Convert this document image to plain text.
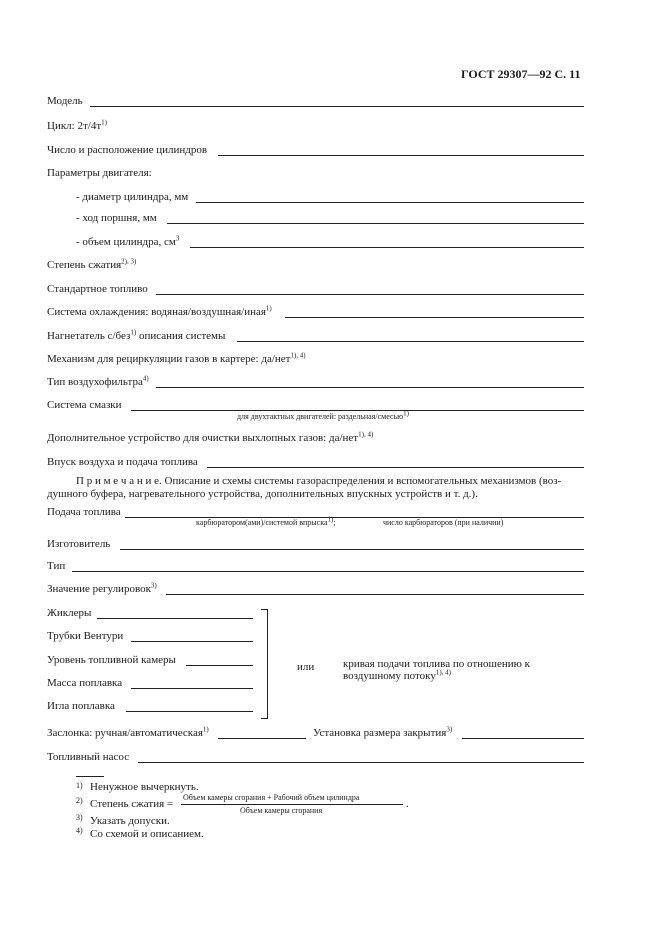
ГОСТ 29307—92 С. 11
Модель
Цикл: $2т/4т^{1)}$
Число и расположение цилиндров
Параметры двигателя:
- диаметр цилиндра, мм
- ход поршня, мм
- объем цилиндра, $см^3$
Степень сжатия$^{2), 3)}$
Стандартное топливо
Система охлаждения: водяная/воздушная/иная$^{1)}$
Нагнетатель с/без$^{1)}$ описания системы
Механизм для рециркуляции газов в картере: да/нет$^{1), 4)}$
Тип воздухофильтра$^{4)}$
Система смазки
для двухтактных двигателей: раздельная/смесью$^{1)}$
Дополнительное устройство для очистки выхлопных газов: да/нет$^{1), 4)}$
Впуск воздуха и подача топлива
П р и м е ч а н и е. Описание и схемы системы газораспределения и вспомогательных механизмов (воз-
душного буфера, нагревательного устройства, дополнительных впускных устройств и т. д.).
Подача топлива
карбюратором(ами)/системой впрыска$^{1)}$;	число карбюраторов (при наличии)
Изготовитель
Тип
Значение регулировок$^{3)}$
Жиклеры
Трубки Вентури
Уровень топливной камеры
Масса поплавка
Игла поплавка
или	кривая подачи топлива по отношению к
воздушному потоку$^{1), 4)}$
Заслонка: ручная/автоматическая$^{1)}$	Установка размера закрытия$^{3)}$
Топливный насос
1) Ненужное вычеркнуть.
2) Степень сжатия =
Объем камеры сгорания + Рабочий объем цилиндра
Объем камеры сгорания
.
3) Указать допуски.
4) Со схемой и описанием.
